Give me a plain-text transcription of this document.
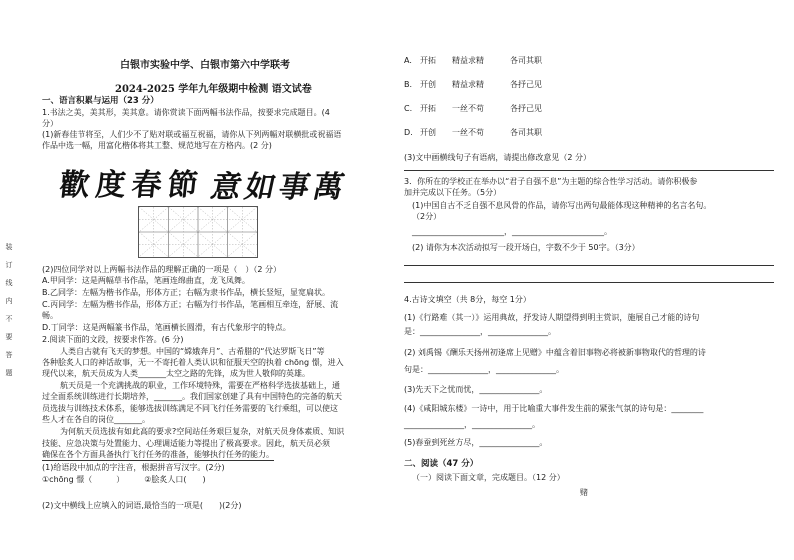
装
订
线
内
不
要
答
题
白银市实验中学、白银市第六中学联考
2024-2025 学年九年级期中检测 语文试卷
一、语言积累与运用（23 分）
1.书法之美，美其形，美其意。请你赏读下面两幅书法作品，按要求完成题目。(4
分）
(1)新春佳节将至，人们少不了贴对联或福互祝福，请你从下列两幅对联横批或祝福语
作品中选一幅，用富化楷体将其工整、规范地写在方格内。(2 分)
歡度春節 意如事萬
(2)四位同学对以上两幅书法作品的理解正确的一项是（　）（2 分）
A.甲同学：这是两幅草书作品，笔画连绵曲直，龙飞凤舞。
B.乙同学：左幅为楷书作品，形体方正；右幅为隶书作品，横长竖短，显宽扁状。
C.丙同学：左幅为楷书作品，形体方正；右幅为行书作品，笔画相互牵连，舒展、流
畅。
D.丁同学：这是两幅篆书作品，笔画横长圆滑，有古代象形字的特点。
2.阅读下面的文段，按要求作答。(6 分)
人类自古就有飞天的梦想。中国的“嫦娥奔月”、古希腊的“代达罗斯飞日”等
各种脍炙人口的神话故事，无一不寄托着人类认识和征服天空的执着 chōng 憬，进入
现代以来，航天员成为人类_______太空之路的先锋，成为世人敬仰的英雄。
航天员是一个充满挑战的职业，工作环境特殊，需要在严格科学选拔基础上，通
过全面系统训练进行长期培养，_______。我们国家创建了具有中国特色的完备的航天
员选拔与训练技术体系，能够选拔训练满足不同飞行任务需要的飞行乘组，可以使这
些人才在各自的岗位_______。
为何航天员选拔有如此高的要求?空间站任务艰巨复杂，对航天员身体素质、知识
技能、应急决策与处置能力、心理调适能力等提出了极高要求。因此，航天员必须
确保在各个方面具备执行飞行任务的准备，能够执行任务的能力。
(1)给语段中加点的字注音，根据拼音写汉字。(2分)
①chōng 憬（　　　）　　　②脍炙人口(　　)
(2)文中横线上应填入的词语,最恰当的一项是(　　)(2分)
A. 开拓 精益求精	各司其职
B. 开创 精益求精	各抒己见
C. 开拓 一丝不苟	各抒己见
D. 开创 一丝不苟	各司其职
(3)文中画横线句子有语病，请提出修改意见（2 分）
3．你所在的学校正在举办以“君子自强不息”为主题的综合性学习活动。请你积极参
加并完成以下任务。（5分）
(1)中国自古不乏自强不息风骨的作品，请你写出两句最能体现这种精神的名言名句。
（2分）
_______________________，_______________________。
(2) 请你为本次活动拟写一段开场白，字数不少于 50字。（3分）
4.古诗文填空（共 8分，每空 1分）
(1)《行路难（其一）》运用典故，抒发诗人期望得到明主赏识，施展自己才能的诗句
是：_______________，_______________。
(2) 刘禹锡《酬乐天扬州初逢席上见赠》中蕴含着旧事物必将被新事物取代的哲理的诗
句是：_______________，_______________。
(3)先天下之忧而忧，_______________。
(4)《咸阳城东楼》一诗中，用于比喻重大事件发生前的紧张气氛的诗句是：________
_______________，_______________。
(5)春蚕到死丝方尽，_______________。
二、阅读（47 分）
（一）阅读下面文章，完成题目。（12 分）
赌
